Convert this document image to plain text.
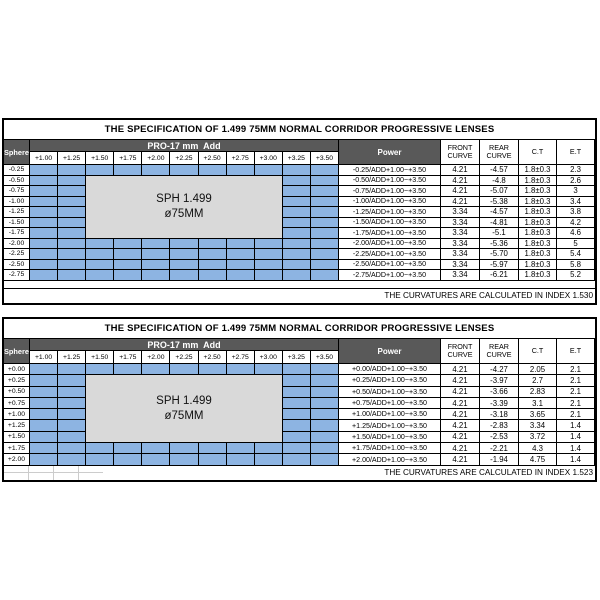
THE SPECIFICATION OF 1.499 75MM NORMAL CORRIDOR PROGRESSIVE LENSES
Sphere
PRO-17 mm  Add
+1.00	+1.25	+1.50	+1.75	+2.00	+2.25	+2.50	+2.75	+3.00	+3.25	+3.50
Power
FRONT CURVE
REAR CURVE	C.T	E.T
SPH 1.499
ø75MM
-0.25	-0.25/ADD+1.00~+3.50	4.21	-4.57	1.8±0.3	2.3
-0.50	-0.50/ADD+1.00~+3.50	4.21	-4.8	1.8±0.3	2.6
-0.75	-0.75/ADD+1.00~+3.50	4.21	-5.07	1.8±0.3	3
-1.00	-1.00/ADD+1.00~+3.50	4.21	-5.38	1.8±0.3	3.4
-1.25	-1.25/ADD+1.00~+3.50	3.34	-4.57	1.8±0.3	3.8
-1.50	-1.50/ADD+1.00~+3.50	3.34	-4.81	1.8±0.3	4.2
-1.75	-1.75/ADD+1.00~+3.50	3.34	-5.1	1.8±0.3	4.6
-2.00	-2.00/ADD+1.00~+3.50	3.34	-5.36	1.8±0.3	5
-2.25	-2.25/ADD+1.00~+3.50	3.34	-5.70	1.8±0.3	5.4
-2.50	-2.50/ADD+1.00~+3.50	3.34	-5.97	1.8±0.3	5.8
-2.75	-2.75/ADD+1.00~+3.50	3.34	-6.21	1.8±0.3	5.2
THE CURVATURES ARE CALCULATED IN INDEX 1.530
THE SPECIFICATION OF 1.499 75MM NORMAL CORRIDOR PROGRESSIVE LENSES
Sphere
PRO-17 mm  Add
+1.00	+1.25	+1.50	+1.75	+2.00	+2.25	+2.50	+2.75	+3.00	+3.25	+3.50
Power
FRONT CURVE
REAR CURVE	C.T	E.T
SPH 1.499
ø75MM
+0.00	+0.00/ADD+1.00~+3.50	4.21	-4.27	2.05	2.1
+0.25	+0.25/ADD+1.00~+3.50	4.21	-3.97	2.7	2.1
+0.50	+0.50/ADD+1.00~+3.50	4.21	-3.66	2.83	2.1
+0.75	+0.75/ADD+1.00~+3.50	4.21	-3.39	3.1	2.1
+1.00	+1.00/ADD+1.00~+3.50	4.21	-3.18	3.65	2.1
+1.25	+1.25/ADD+1.00~+3.50	4.21	-2.83	3.34	1.4
+1.50	+1.50/ADD+1.00~+3.50	4.21	-2.53	3.72	1.4
+1.75	+1.75/ADD+1.00~+3.50	4.21	-2.21	4.3	1.4
+2.00	+2.00/ADD+1.00~+3.50	4.21	-1.94	4.75	1.4
THE CURVATURES ARE CALCULATED IN INDEX 1.523
